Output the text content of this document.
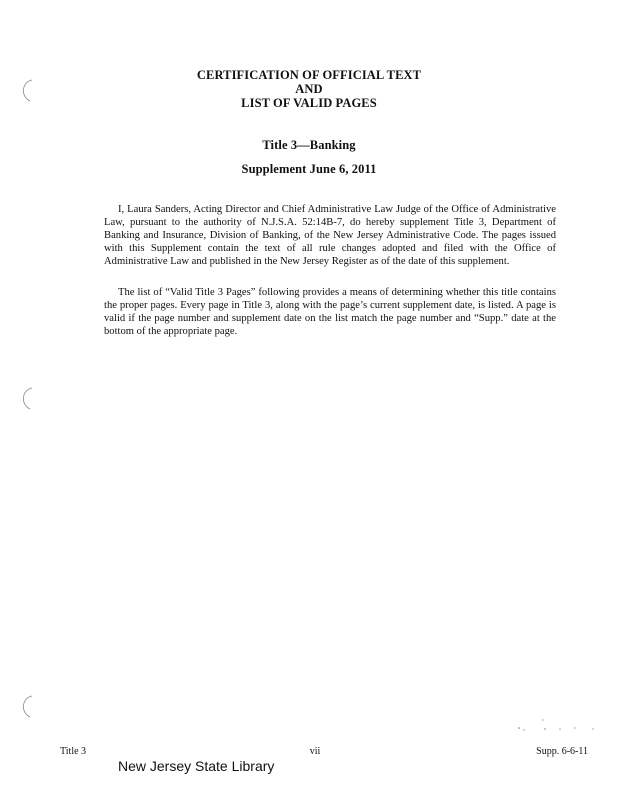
CERTIFICATION OF OFFICIAL TEXT
AND
LIST OF VALID PAGES
Title 3—Banking
Supplement June 6, 2011

I, Laura Sanders, Acting Director and Chief Administrative Law Judge of the Office of Administrative Law, pursuant to the authority of N.J.S.A. 52:14B-7, do hereby supplement Title 3, Department of Banking and Insurance, Division of Banking, of the New Jersey Administrative Code. The pages issued with this Supplement contain the text of all rule changes adopted and filed with the Office of Administrative Law and published in the New Jersey Register as of the date of this supplement.

The list of “Valid Title 3 Pages” following provides a means of determining whether this title contains the proper pages. Every page in Title 3, along with the page’s current supplement date, is listed. A page is valid if the page number and supplement date on the list match the page number and “Supp.” date at the bottom of the appropriate page.

Title 3	vii	Supp. 6-6-11
New Jersey State Library
